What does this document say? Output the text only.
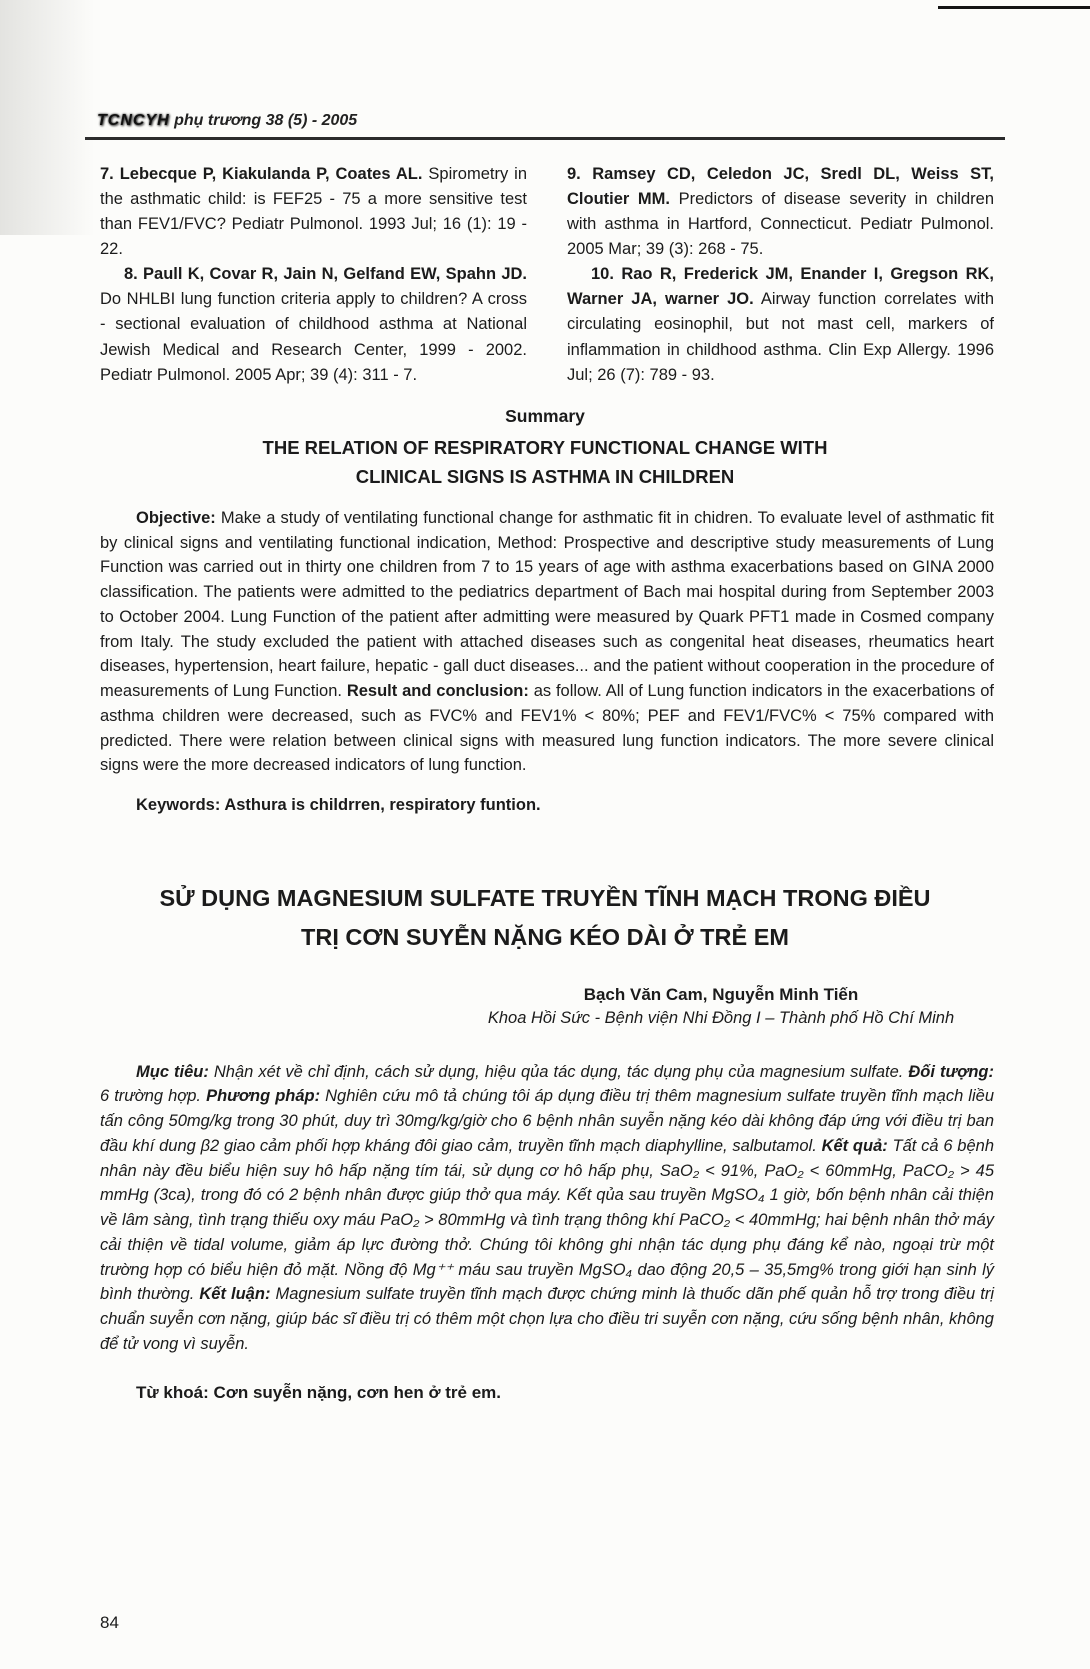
TCNCYH phụ trương 38 (5) - 2005

7. Lebecque P, Kiakulanda P, Coates AL. Spirometry in the asthmatic child: is FEF25 - 75 a more sensitive test than FEV1/FVC? Pediatr Pulmonol. 1993 Jul; 16 (1): 19 - 22.

8. Paull K, Covar R, Jain N, Gelfand EW, Spahn JD. Do NHLBI lung function criteria apply to children? A cross - sectional evaluation of childhood asthma at National Jewish Medical and Research Center, 1999 - 2002. Pediatr Pulmonol. 2005 Apr; 39 (4): 311 - 7.

9. Ramsey CD, Celedon JC, Sredl DL, Weiss ST, Cloutier MM. Predictors of disease severity in children with asthma in Hartford, Connecticut. Pediatr Pulmonol. 2005 Mar; 39 (3): 268 - 75.

10. Rao R, Frederick JM, Enander I, Gregson RK, Warner JA, warner JO. Airway function correlates with circulating eosinophil, but not mast cell, markers of inflammation in childhood asthma. Clin Exp Allergy. 1996 Jul; 26 (7): 789 - 93.

Summary
THE RELATION OF RESPIRATORY FUNCTIONAL CHANGE WITH
CLINICAL SIGNS IS ASTHMA IN CHILDREN

Objective: Make a study of ventilating functional change for asthmatic fit in chidren. To evaluate level of asthmatic fit by clinical signs and ventilating functional indication, Method: Prospective and descriptive study measurements of Lung Function was carried out in thirty one children from 7 to 15 years of age with asthma exacerbations based on GINA 2000 classification. The patients were admitted to the pediatrics department of Bach mai hospital during from September 2003 to October 2004. Lung Function of the patient after admitting were measured by Quark PFT1 made in Cosmed company from Italy. The study excluded the patient with attached diseases such as congenital heat diseases, rheumatics heart diseases, hypertension, heart failure, hepatic - gall duct diseases... and the patient without cooperation in the procedure of measurements of Lung Function. Result and conclusion: as follow. All of Lung function indicators in the exacerbations of asthma children were decreased, such as FVC% and FEV1% < 80%; PEF and FEV1/FVC% < 75% compared with predicted. There were relation between clinical signs with measured lung function indicators. The more severe clinical signs were the more decreased indicators of lung function.

Keywords: Asthura is childrren, respiratory funtion.

SỬ DỤNG MAGNESIUM SULFATE TRUYỀN TĨNH MẠCH TRONG ĐIỀU
TRỊ CƠN SUYỄN NẶNG KÉO DÀI Ở TRẺ EM
Bạch Văn Cam, Nguyễn Minh Tiến
Khoa Hồi Sức - Bệnh viện Nhi Đồng I – Thành phố Hồ Chí Minh

Mục tiêu: Nhận xét về chỉ định, cách sử dụng, hiệu qủa tác dụng, tác dụng phụ của magnesium sulfate. Đối tượng: 6 trường hợp. Phương pháp: Nghiên cứu mô tả chúng tôi áp dụng điều trị thêm magnesium sulfate truyền tĩnh mạch liều tấn công 50mg/kg trong 30 phút, duy trì 30mg/kg/giờ cho 6 bệnh nhân suyễn nặng kéo dài không đáp ứng với điều trị ban đầu khí dung β2 giao cảm phối hợp kháng đôi giao cảm, truyền tĩnh mạch diaphylline, salbutamol. Kết quả: Tất cả 6 bệnh nhân này đều biểu hiện suy hô hấp nặng tím tái, sử dụng cơ hô hấp phụ, SaO₂ < 91%, PaO₂ < 60mmHg, PaCO₂ > 45 mmHg (3ca), trong đó có 2 bệnh nhân được giúp thở qua máy. Kết qủa sau truyền MgSO₄ 1 giờ, bốn bệnh nhân cải thiện về lâm sàng, tình trạng thiếu oxy máu PaO₂ > 80mmHg và tình trạng thông khí PaCO₂ < 40mmHg; hai bệnh nhân thở máy cải thiện về tidal volume, giảm áp lực đường thở. Chúng tôi không ghi nhận tác dụng phụ đáng kể nào, ngoại trừ một trường hợp có biểu hiện đỏ mặt. Nồng độ Mg⁺⁺ máu sau truyền MgSO₄ dao động 20,5 – 35,5mg% trong giới hạn sinh lý bình thường. Kết luận: Magnesium sulfate truyền tĩnh mạch được chứng minh là thuốc dãn phế quản hỗ trợ trong điều trị chuẩn suyễn cơn nặng, giúp bác sĩ điều trị có thêm một chọn lựa cho điều tri suyễn cơn nặng, cứu sống bệnh nhân, không để tử vong vì suyễn.

Từ khoá: Cơn suyễn nặng, cơn hen ở trẻ em.

84
